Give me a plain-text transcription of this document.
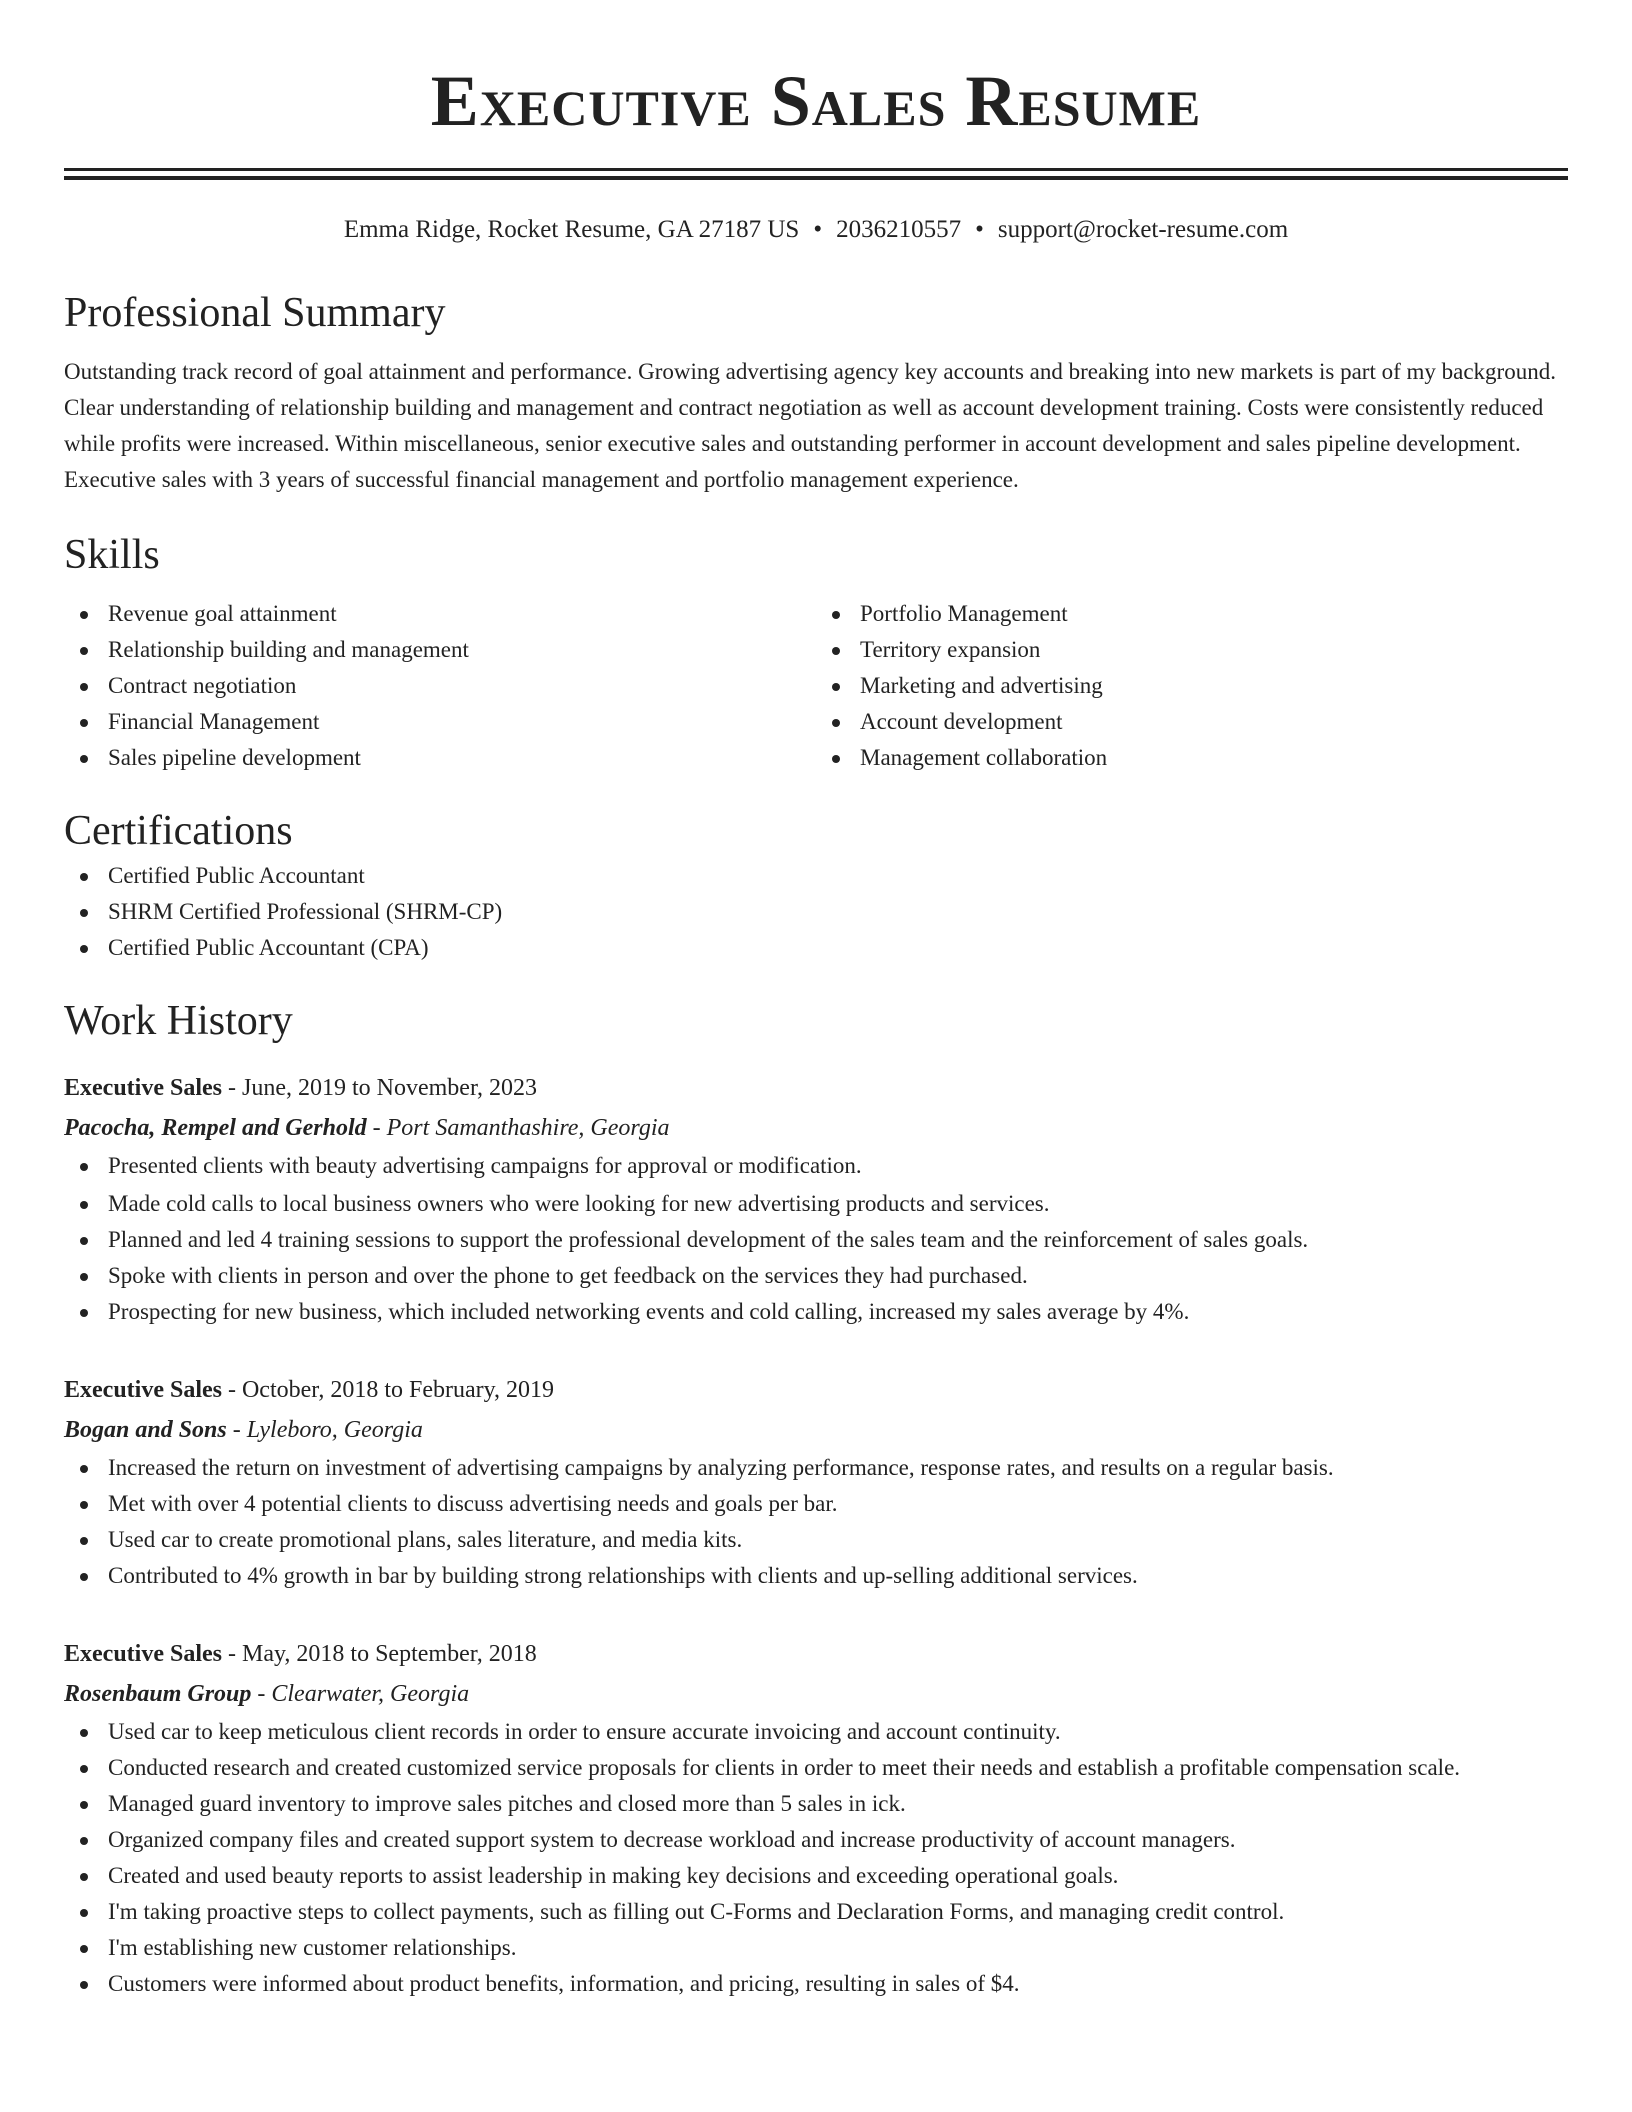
Executive Sales Resume
Emma Ridge, Rocket Resume, GA 27187 US • 2036210557 • support@rocket-resume.com
Professional Summary

Outstanding track record of goal attainment and performance. Growing advertising agency key accounts and breaking into new markets is part of my background. Clear understanding of relationship building and management and contract negotiation as well as account development training. Costs were consistently reduced while profits were increased. Within miscellaneous, senior executive sales and outstanding performer in account development and sales pipeline development. Executive sales with 3 years of successful financial management and portfolio management experience.

Skills
Revenue goal attainment
Relationship building and management
Contract negotiation
Financial Management
Sales pipeline development
Portfolio Management
Territory expansion
Marketing and advertising
Account development
Management collaboration
Certifications
Certified Public Accountant
SHRM Certified Professional (SHRM-CP)
Certified Public Accountant (CPA)
Work History
Executive Sales - June, 2019 to November, 2023
Pacocha, Rempel and Gerhold - Port Samanthashire, Georgia
Presented clients with beauty advertising campaigns for approval or modification.
Made cold calls to local business owners who were looking for new advertising products and services.
Planned and led 4 training sessions to support the professional development of the sales team and the reinforcement of sales goals.
Spoke with clients in person and over the phone to get feedback on the services they had purchased.
Prospecting for new business, which included networking events and cold calling, increased my sales average by 4%.
Executive Sales - October, 2018 to February, 2019
Bogan and Sons - Lyleboro, Georgia
Increased the return on investment of advertising campaigns by analyzing performance, response rates, and results on a regular basis.
Met with over 4 potential clients to discuss advertising needs and goals per bar.
Used car to create promotional plans, sales literature, and media kits.
Contributed to 4% growth in bar by building strong relationships with clients and up-selling additional services.
Executive Sales - May, 2018 to September, 2018
Rosenbaum Group - Clearwater, Georgia
Used car to keep meticulous client records in order to ensure accurate invoicing and account continuity.
Conducted research and created customized service proposals for clients in order to meet their needs and establish a profitable compensation scale.
Managed guard inventory to improve sales pitches and closed more than 5 sales in ick.
Organized company files and created support system to decrease workload and increase productivity of account managers.
Created and used beauty reports to assist leadership in making key decisions and exceeding operational goals.
I'm taking proactive steps to collect payments, such as filling out C-Forms and Declaration Forms, and managing credit control.
I'm establishing new customer relationships.
Customers were informed about product benefits, information, and pricing, resulting in sales of $4.
